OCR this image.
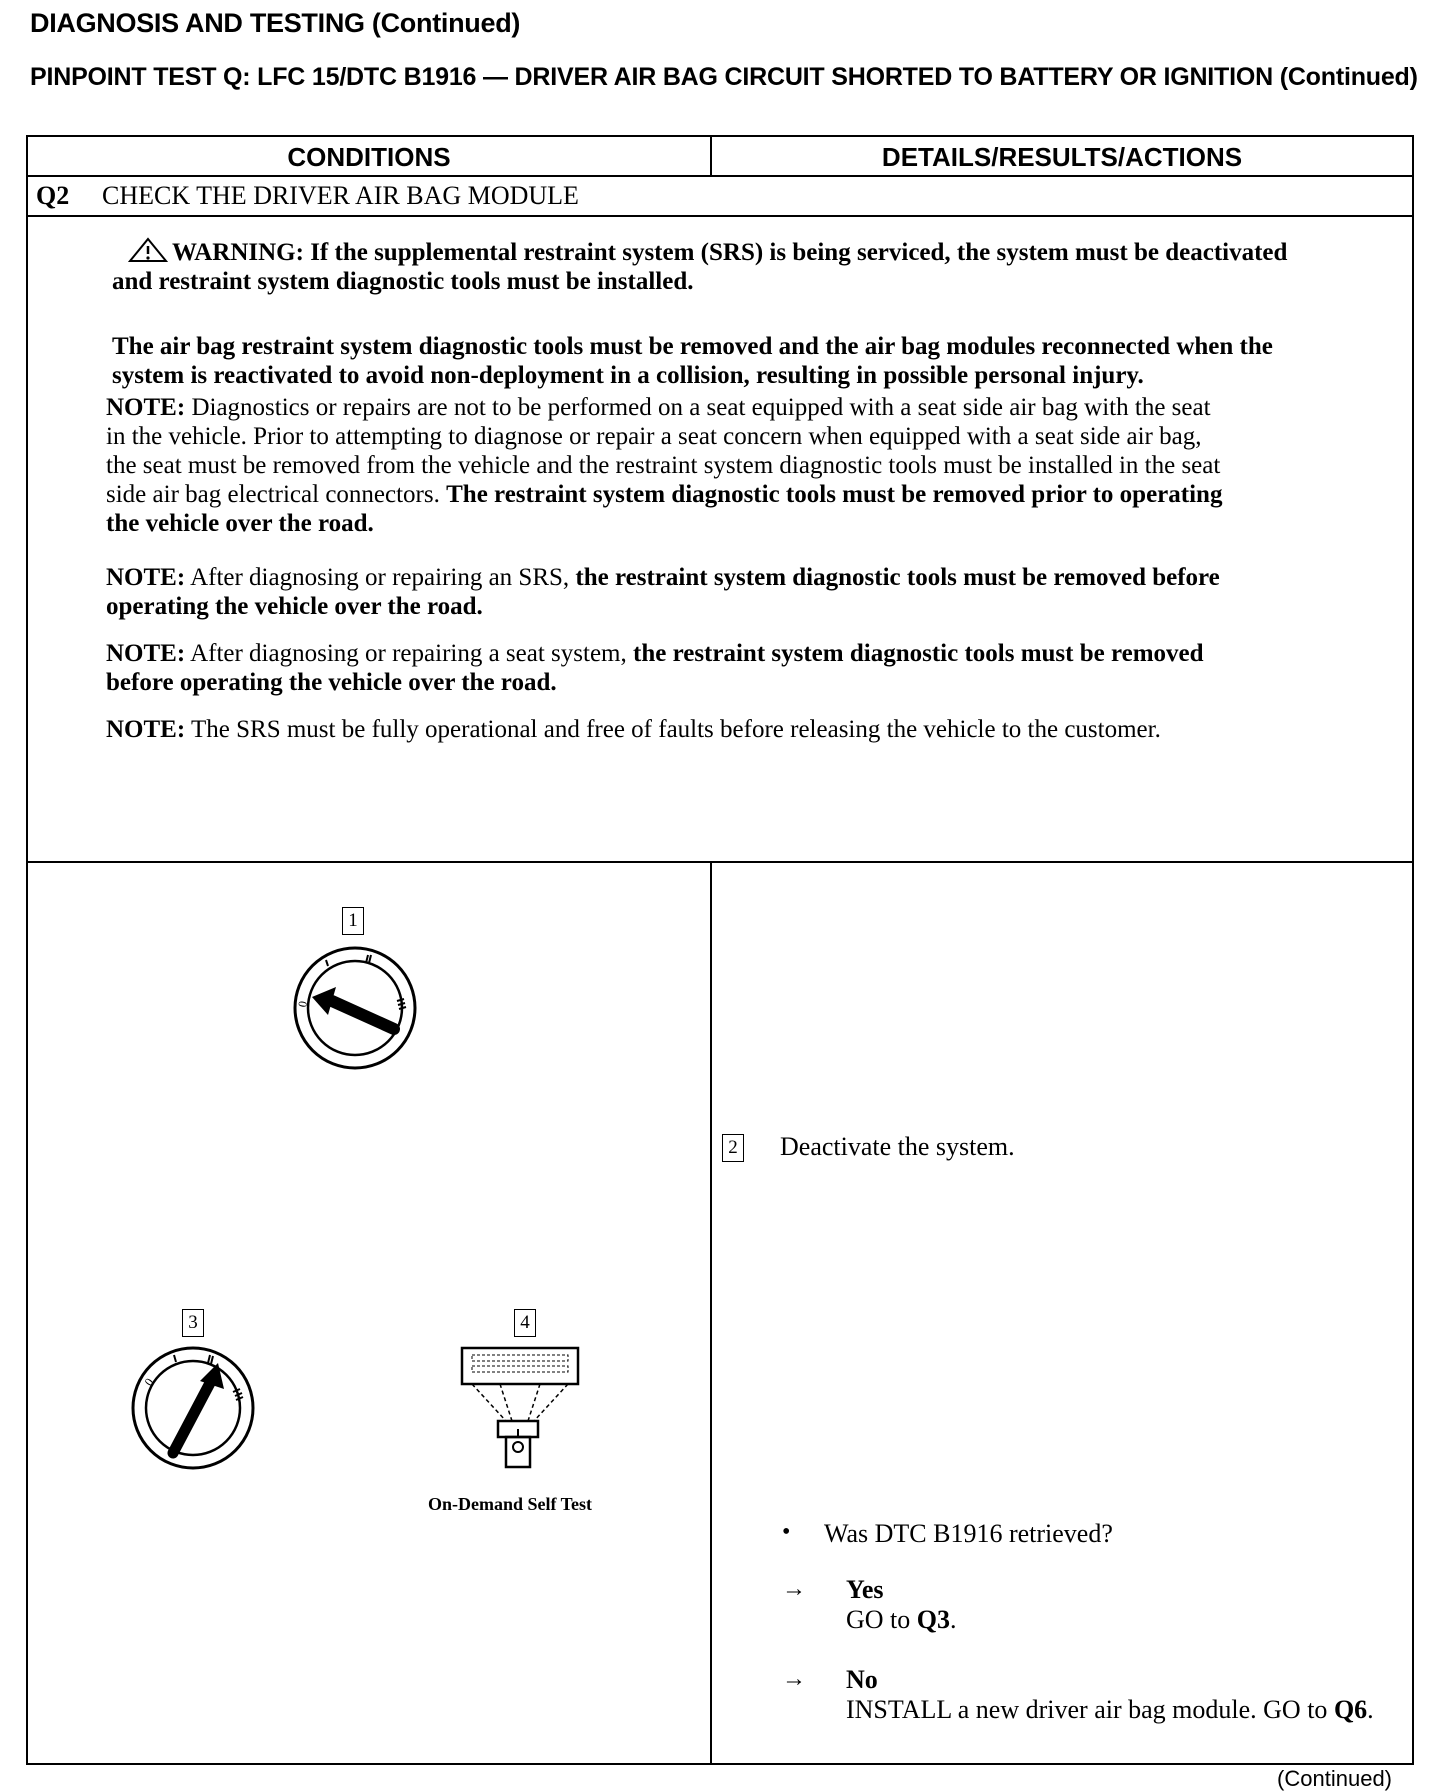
DIAGNOSIS AND TESTING (Continued)
PINPOINT TEST Q: LFC 15/DTC B1916 — DRIVER AIR BAG CIRCUIT SHORTED TO BATTERY OR IGNITION (Continued)
CONDITIONS	DETAILS/RESULTS/ACTIONS
Q2 CHECK THE DRIVER AIR BAG MODULE

WARNING: If the supplemental restraint system (SRS) is being serviced, the system must be deactivated and restraint system diagnostic tools must be installed.

The air bag restraint system diagnostic tools must be removed and the air bag modules reconnected when the system is reactivated to avoid non-deployment in a collision, resulting in possible personal injury.

NOTE: Diagnostics or repairs are not to be performed on a seat equipped with a seat side air bag with the seat in the vehicle. Prior to attempting to diagnose or repair a seat concern when equipped with a seat side air bag, the seat must be removed from the vehicle and the restraint system diagnostic tools must be installed in the seat side air bag electrical connectors. The restraint system diagnostic tools must be removed prior to operating the vehicle over the road.
NOTE: After diagnosing or repairing an SRS, the restraint system diagnostic tools must be removed before operating the vehicle over the road.
NOTE: After diagnosing or repairing a seat system, the restraint system diagnostic tools must be removed before operating the vehicle over the road.
NOTE: The SRS must be fully operational and free of faults before releasing the vehicle to the customer.
1
0
3
0
4
On-Demand Self Test
2 Deactivate the system.
• Was DTC B1916 retrieved?
→ Yes
GO to Q3.
→ No
INSTALL a new driver air bag module. GO to Q6.
(Continued)
